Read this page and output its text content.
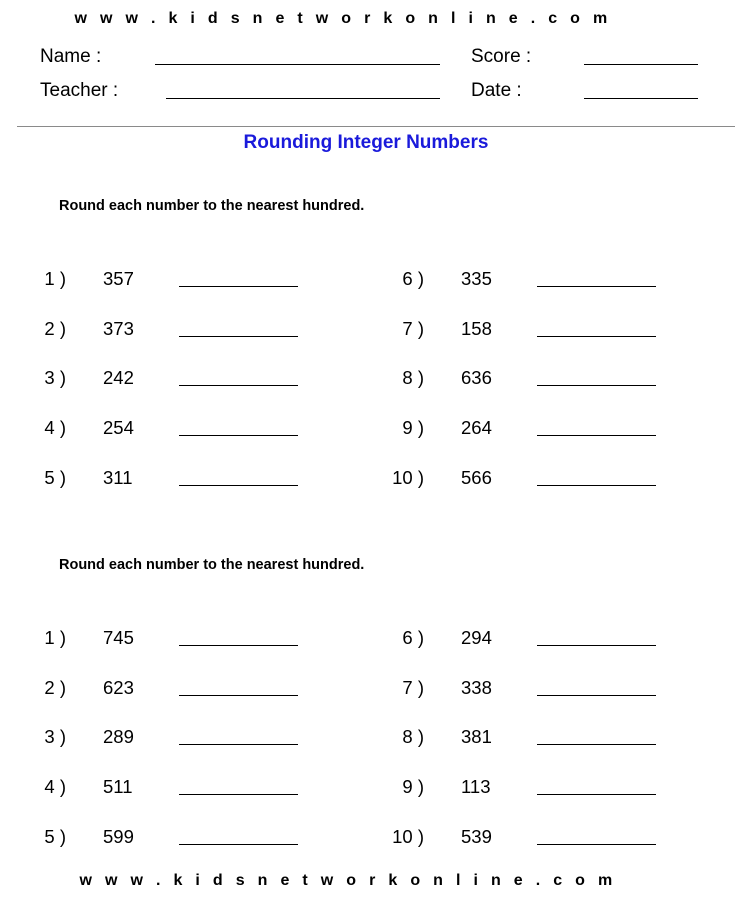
w w w . k i d s n e t w o r k o n l i n e . c o m
Name :	Score :
Teacher :	Date :
Rounding Integer Numbers
Round each number to the nearest hundred.
Round each number to the nearest hundred.
1 ) 357
2 ) 373
3 ) 242
4 ) 254
5 ) 311
6 ) 335
7 ) 158
8 ) 636
9 ) 264
10 ) 566
1 ) 745
2 ) 623
3 ) 289
4 ) 511
5 ) 599
6 ) 294
7 ) 338
8 ) 381
9 ) 113
10 ) 539
w w w . k i d s n e t w o r k o n l i n e . c o m
